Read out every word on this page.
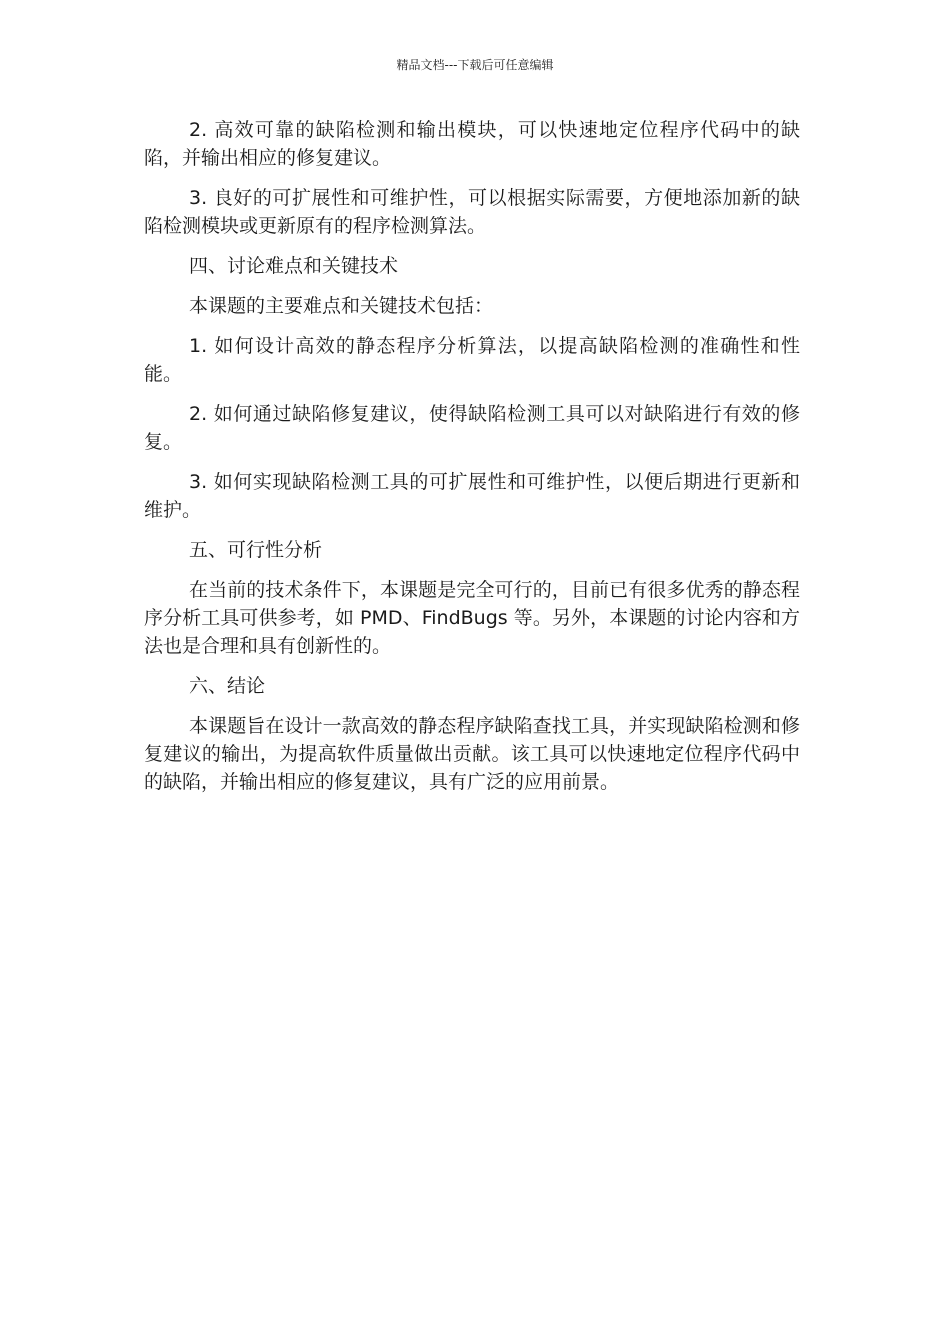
精品文档---下载后可任意编辑

2. 高效可靠的缺陷检测和输出模块，可以快速地定位程序代码中的缺陷，并输出相应的修复建议。

3. 良好的可扩展性和可维护性，可以根据实际需要，方便地添加新的缺陷检测模块或更新原有的程序检测算法。

四、讨论难点和关键技术

本课题的主要难点和关键技术包括：

1. 如何设计高效的静态程序分析算法，以提高缺陷检测的准确性和性能。

2. 如何通过缺陷修复建议，使得缺陷检测工具可以对缺陷进行有效的修复。

3. 如何实现缺陷检测工具的可扩展性和可维护性，以便后期进行更新和维护。

五、可行性分析

在当前的技术条件下，本课题是完全可行的，目前已有很多优秀的静态程序分析工具可供参考，如 PMD、FindBugs 等。另外，本课题的讨论内容和方法也是合理和具有创新性的。

六、结论

本课题旨在设计一款高效的静态程序缺陷查找工具，并实现缺陷检测和修复建议的输出，为提高软件质量做出贡献。该工具可以快速地定位程序代码中的缺陷，并输出相应的修复建议，具有广泛的应用前景。
